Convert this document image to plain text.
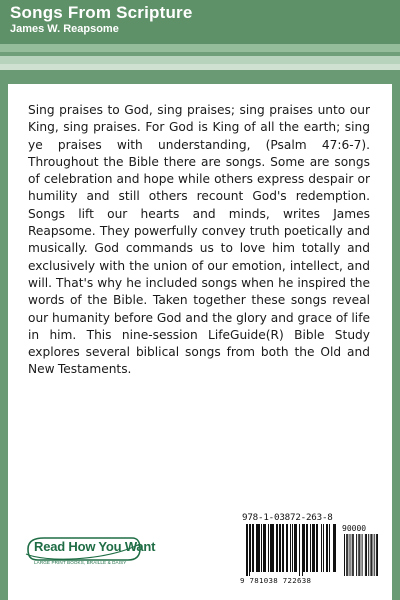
Songs From Scripture
James W. Reapsome

Sing praises to God, sing praises; sing praises unto our King, sing praises. For God is King of all the earth; sing ye praises with understanding, (Psalm 47:6-7). Throughout the Bible there are songs. Some are songs of celebration and hope while others express despair or humility and still others recount God's redemption. Songs lift our hearts and minds, writes James Reapsome. They powerfully convey truth poetically and musically. God commands us to love him totally and exclusively with the union of our emotion, intellect, and will. That's why he included songs when he inspired the words of the Bible. Taken together these songs reveal our humanity before God and the glory and grace of life in him. This nine-session LifeGuide(R) Bible Study explores several biblical songs from both the Old and New Testaments.

Read How You Want
LARGE PRINT BOOKS, BRAILLE & DAISY
978-1-03872-263-8
90000
9 781038 722638
